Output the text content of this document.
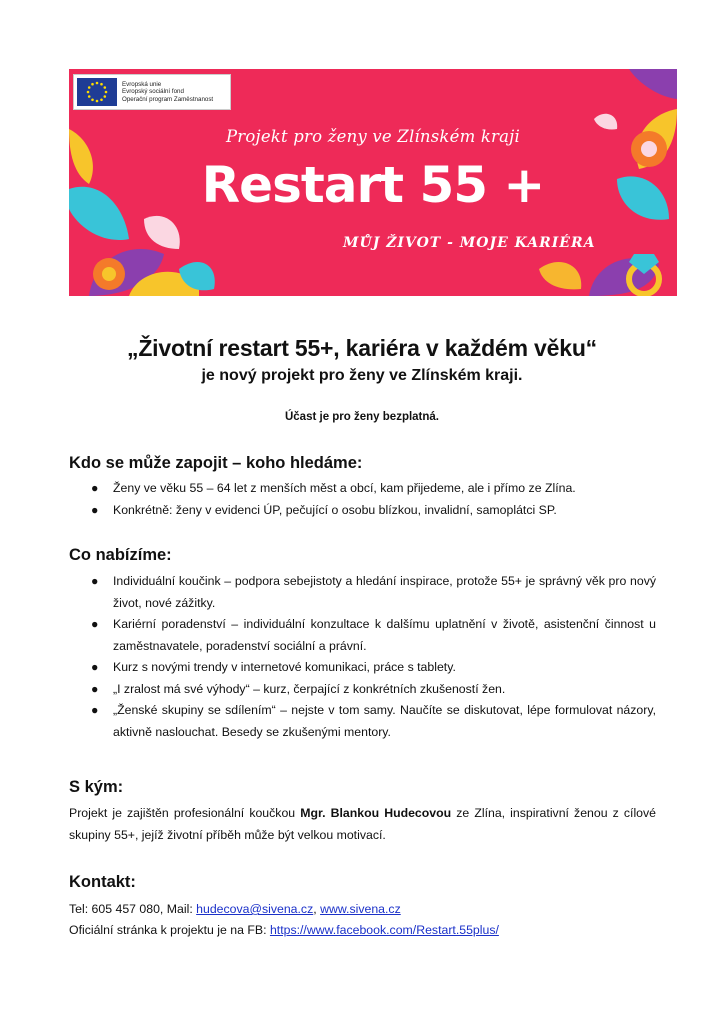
Evropská unie
Evropský sociální fond
Operační program Zaměstnanost
Projekt pro ženy ve Zlínském kraji
Restart 55 +
MŮJ ŽIVOT - MOJE KARIÉRA
„Životní restart 55+, kariéra v každém věku“
je nový projekt pro ženy ve Zlínském kraji.
Účast je pro ženy bezplatná.
Kdo se může zapojit – koho hledáme:
● Ženy ve věku 55 – 64 let z menších měst a obcí, kam přijedeme, ale i přímo ze Zlína.
● Konkrétně: ženy v evidenci ÚP, pečující o osobu blízkou, invalidní, samoplátci SP.
Co nabízíme:
● Individuální koučink – podpora sebejistoty a hledání inspirace, protože 55+ je správný věk pro nový život, nové zážitky.
● Kariérní poradenství – individuální konzultace k dalšímu uplatnění v životě, asistenční činnost u zaměstnavatele, poradenství sociální a právní.
● Kurz s novými trendy v internetové komunikaci, práce s tablety.
● „I zralost má své výhody“ – kurz, čerpající z konkrétních zkušeností žen.
● „Ženské skupiny se sdílením“ – nejste v tom samy. Naučíte se diskutovat, lépe formulovat názory, aktivně naslouchat. Besedy se zkušenými mentory.
S kým:
Projekt je zajištěn profesionální koučkou Mgr. Blankou Hudecovou ze Zlína, inspirativní ženou z cílové skupiny 55+, jejíž životní příběh může být velkou motivací.
Kontakt:
Tel: 605 457 080, Mail: hudecova@sivena.cz, www.sivena.cz
Oficiální stránka k projektu je na FB: https://www.facebook.com/Restart.55plus/
